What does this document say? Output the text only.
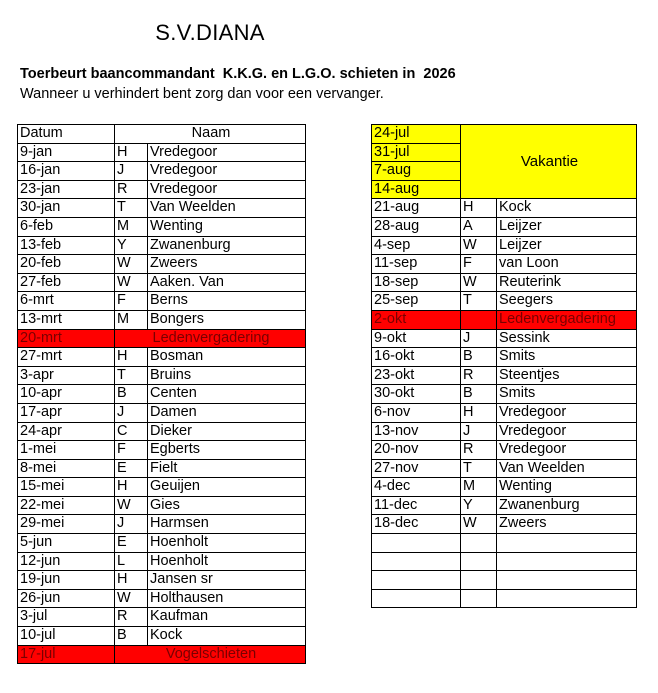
S.V.DIANA
Toerbeurt baancommandant  K.K.G. en L.G.O. schieten in  2026
Wanneer u verhindert bent zorg dan voor een vervanger.
Datum	Naam	
9-jan	H	Vredegoor
16-jan	J	Vredegoor
23-jan	R	Vredegoor
30-jan	T	Van Weelden
6-feb	M	Wenting
13-feb	Y	Zwanenburg
20-feb	W	Zweers
27-feb	W	Aaken. Van
6-mrt	F	Berns
13-mrt	M	Bongers
20-mrt	Ledenvergadering	
27-mrt	H	Bosman
3-apr	T	Bruins
10-apr	B	Centen
17-apr	J	Damen
24-apr	C	Dieker
1-mei	F	Egberts
8-mei	E	Fielt
15-mei	H	Geuijen
22-mei	W	Gies
29-mei	J	Harmsen
5-jun	E	Hoenholt
12-jun	L	Hoenholt
19-jun	H	Jansen sr
26-jun	W	Holthausen
3-jul	R	Kaufman
10-jul	B	Kock
17-jul	Vogelschieten	
24-jul	Vakantie	
31-jul		
7-aug		
14-aug		
21-aug	H	Kock
28-aug	A	Leijzer
4-sep	W	Leijzer
11-sep	F	van Loon
18-sep	W	Reuterink
25-sep	T	Seegers
2-okt		Ledenvergadering
9-okt	J	Sessink
16-okt	B	Smits
23-okt	R	Steentjes
30-okt	B	Smits
6-nov	H	Vredegoor
13-nov	J	Vredegoor
20-nov	R	Vredegoor
27-nov	T	Van Weelden
4-dec	M	Wenting
11-dec	Y	Zwanenburg
18-dec	W	Zweers
